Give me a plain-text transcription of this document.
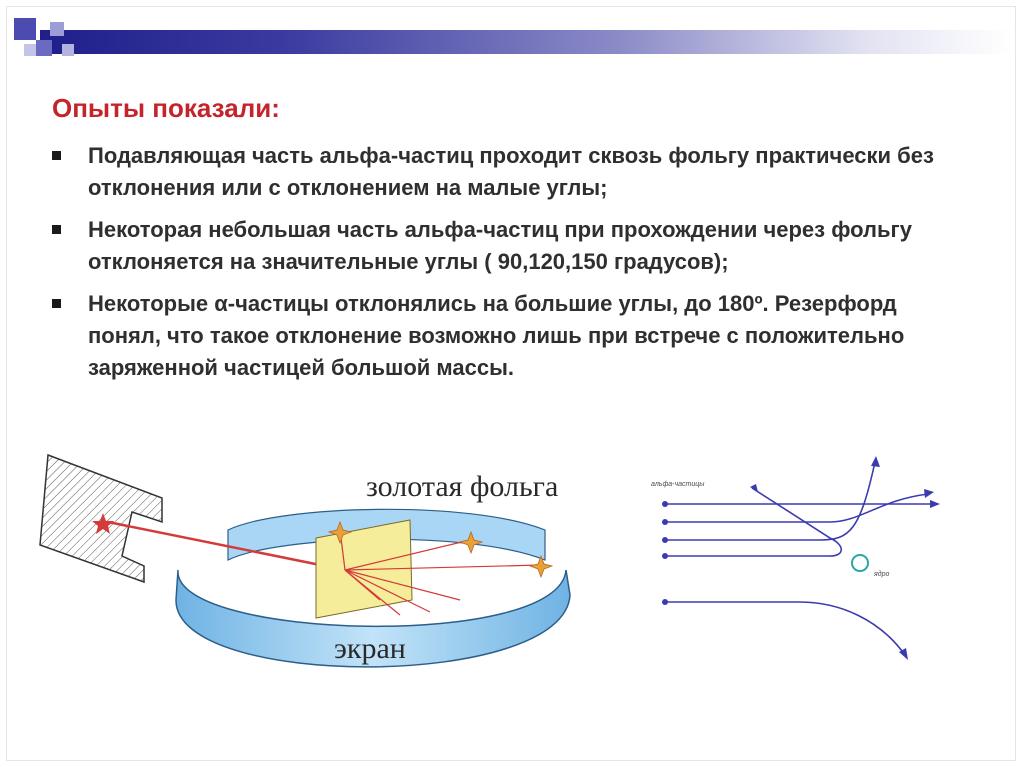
Опыты показали:
Подавляющая часть альфа-частиц проходит сквозь фольгу практически без отклонения или с отклонением на малые углы;
Некоторая небольшая часть альфа-частиц при прохождении через фольгу отклоняется на значительные углы ( 90,120,150 градусов);
Некоторые α-частицы отклонялись на большие углы, до 180º. Резерфорд понял, что такое отклонение возможно лишь при встрече с положительно заряженной частицей большой массы.
золотая фольга
экран
альфа-частицы
ядро
